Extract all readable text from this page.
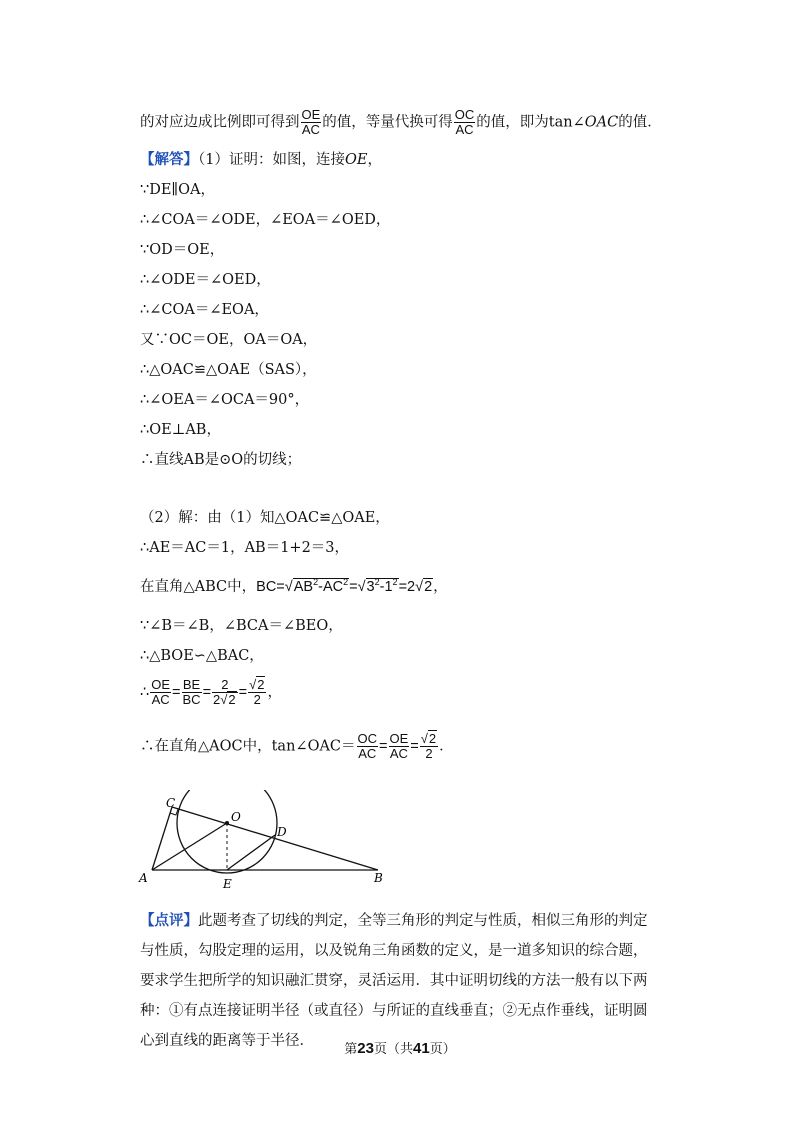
的对应边成比例即可得到 $\frac{OE}{AC}$ 的值，等量代换可得 $\frac{OC}{AC}$ 的值，即为tan∠OAC的值．
【解答】（1）证明：如图，连接OE，
∵DE∥OA，
∴∠COA＝∠ODE，∠EOA＝∠OED，
∵OD＝OE，
∴∠ODE＝∠OED，
∴∠COA＝∠EOA，
又∵OC＝OE，OA＝OA，
∴△OAC≌△OAE（SAS），
∴∠OEA＝∠OCA＝90°，
∴OE⊥AB，
∴直线AB是⊙O的切线；
（2）解：由（1）知△OAC≌△OAE，
∴AE＝AC＝1，AB＝1+2＝3，
在直角△ABC中，$BC=√AB^2-AC^2=√3^2-1^2=2√2$，
∵∠B＝∠B，∠BCA＝∠BEO，
∴△BOE∽△BAC，
∴ $\frac{OE}{AC} = \frac{BE}{BC} = \frac{2}{2√2} = \frac{√2}{2}$ ，
∴在直角△AOC中，tan∠OAC＝ $\frac{OC}{AC} = \frac{OE}{AC} = \frac{√2}{2}$ ．
C
O
D
A	E	B
【点评】此题考查了切线的判定，全等三角形的判定与性质，相似三角形的判定与性质，勾股定理的运用，以及锐角三角函数的定义，是一道多知识的综合题，要求学生把所学的知识融汇贯穿，灵活运用．其中证明切线的方法一般有以下两种：①有点连接证明半径（或直径）与所证的直线垂直；②无点作垂线，证明圆心到直线的距离等于半径．
第23页（共41页）
